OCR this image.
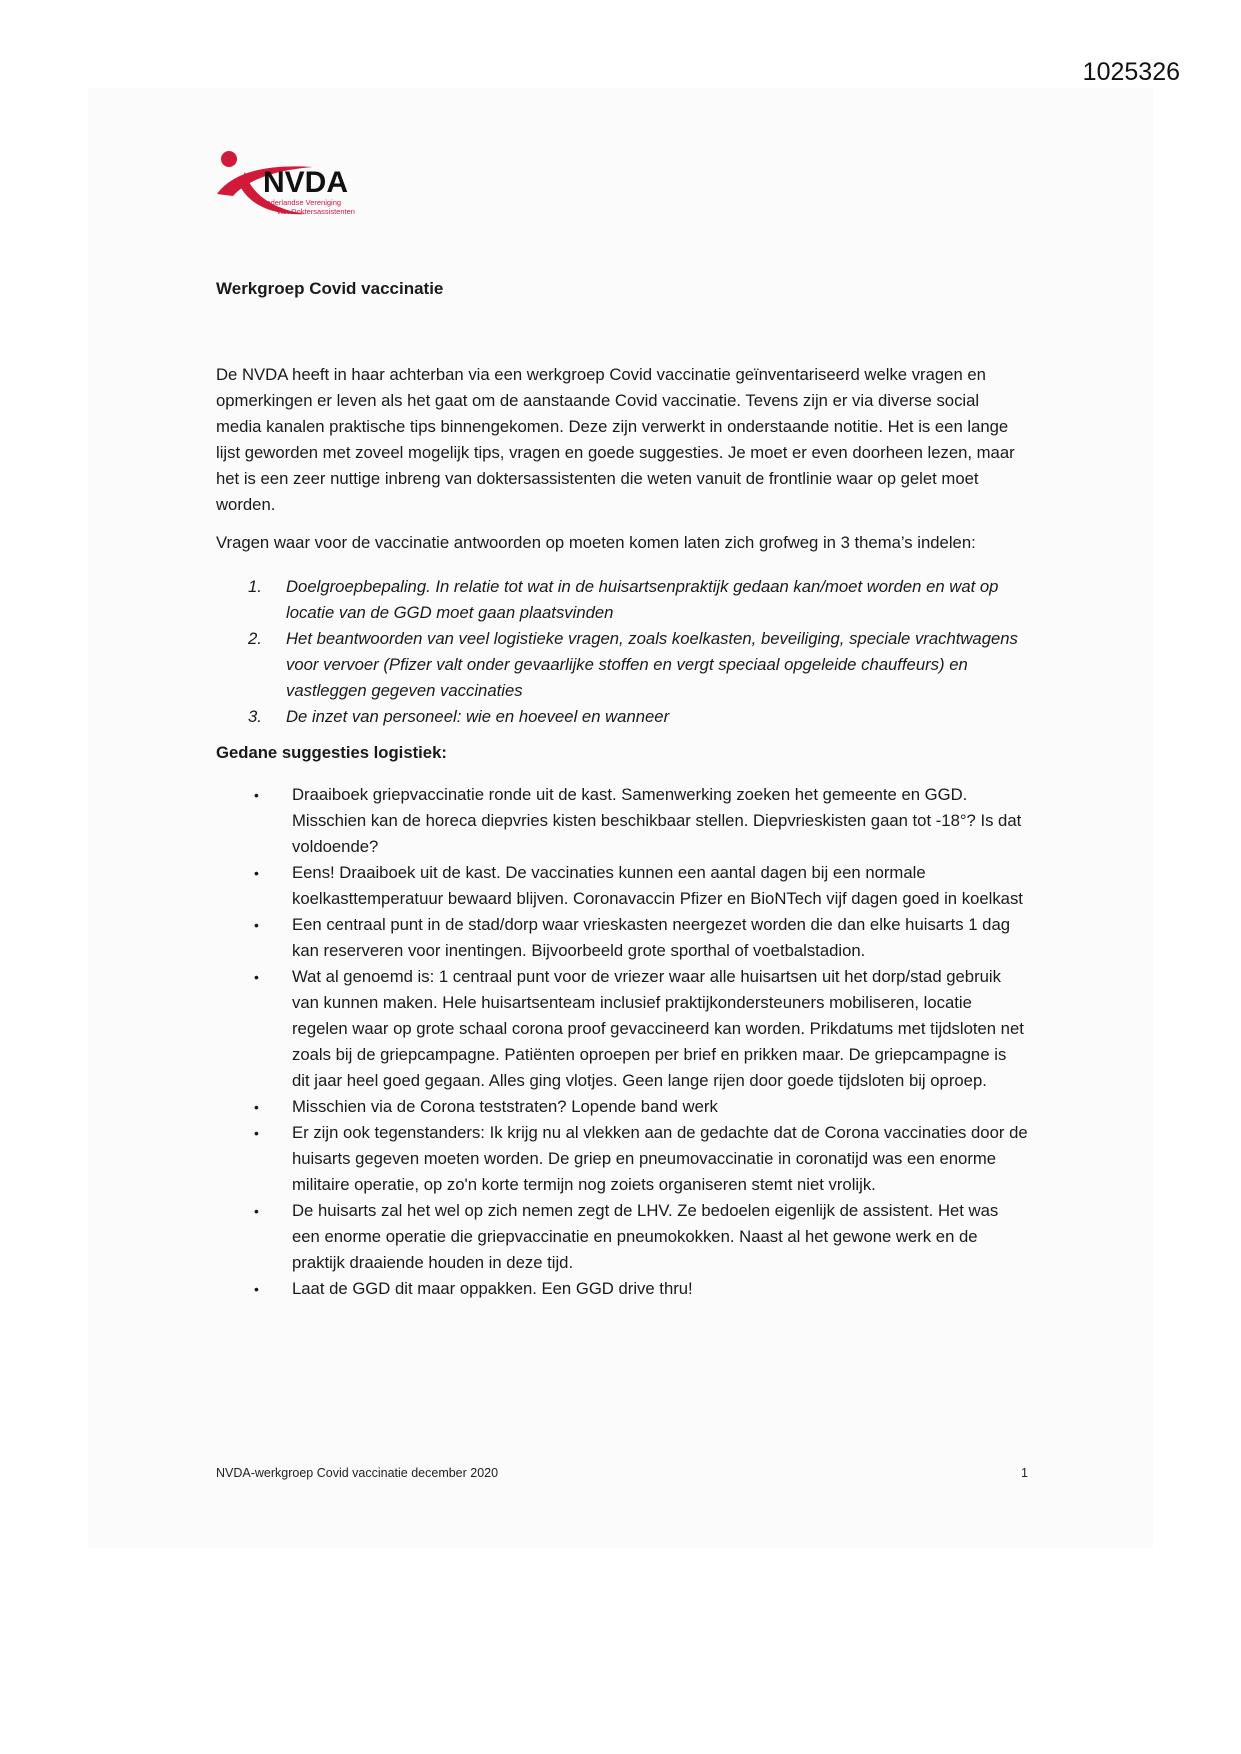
1025326
NVDA
Nederlandse Vereniging
van Doktersassistenten
Werkgroep Covid vaccinatie

De NVDA heeft in haar achterban via een werkgroep Covid vaccinatie geïnventariseerd welke vragen en opmerkingen er leven als het gaat om de aanstaande Covid vaccinatie. Tevens zijn er via diverse social media kanalen praktische tips binnengekomen. Deze zijn verwerkt in onderstaande notitie. Het is een lange lijst geworden met zoveel mogelijk tips, vragen en goede suggesties. Je moet er even doorheen lezen, maar het is een zeer nuttige inbreng van doktersassistenten die weten vanuit de frontlinie waar op gelet moet worden.

Vragen waar voor de vaccinatie antwoorden op moeten komen laten zich grofweg in 3 thema’s indelen:

1.	Doelgroepbepaling. In relatie tot wat in de huisartsenpraktijk gedaan kan/moet worden en wat op locatie van de GGD moet gaan plaatsvinden
2.	Het beantwoorden van veel logistieke vragen, zoals koelkasten, beveiliging, speciale vrachtwagens voor vervoer (Pfizer valt onder gevaarlijke stoffen en vergt speciaal opgeleide chauffeurs) en vastleggen gegeven vaccinaties
3.	De inzet van personeel: wie en hoeveel en wanneer
Gedane suggesties logistiek:
•	Draaiboek griepvaccinatie ronde uit de kast. Samenwerking zoeken het gemeente en GGD. Misschien kan de horeca diepvries kisten beschikbaar stellen. Diepvrieskisten gaan tot -18°? Is dat voldoende?
•	Eens! Draaiboek uit de kast. De vaccinaties kunnen een aantal dagen bij een normale koelkasttemperatuur bewaard blijven. Coronavaccin Pfizer en BioNTech vijf dagen goed in koelkast
•	Een centraal punt in de stad/dorp waar vrieskasten neergezet worden die dan elke huisarts 1 dag kan reserveren voor inentingen. Bijvoorbeeld grote sporthal of voetbalstadion.
•	Wat al genoemd is: 1 centraal punt voor de vriezer waar alle huisartsen uit het dorp/stad gebruik van kunnen maken. Hele huisartsenteam inclusief praktijkondersteuners mobiliseren, locatie regelen waar op grote schaal corona proof gevaccineerd kan worden. Prikdatums met tijdsloten net zoals bij de griepcampagne. Patiënten oproepen per brief en prikken maar. De griepcampagne is dit jaar heel goed gegaan. Alles ging vlotjes. Geen lange rijen door goede tijdsloten bij oproep.
•	Misschien via de Corona teststraten? Lopende band werk
•	Er zijn ook tegenstanders: Ik krijg nu al vlekken aan de gedachte dat de Corona vaccinaties door de huisarts gegeven moeten worden. De griep en pneumovaccinatie in coronatijd was een enorme militaire operatie, op zo'n korte termijn nog zoiets organiseren stemt niet vrolijk.
•	De huisarts zal het wel op zich nemen zegt de LHV. Ze bedoelen eigenlijk de assistent. Het was een enorme operatie die griepvaccinatie en pneumokokken. Naast al het gewone werk en de praktijk draaiende houden in deze tijd.
•	Laat de GGD dit maar oppakken. Een GGD drive thru!
NVDA-werkgroep Covid vaccinatie december 2020	1
